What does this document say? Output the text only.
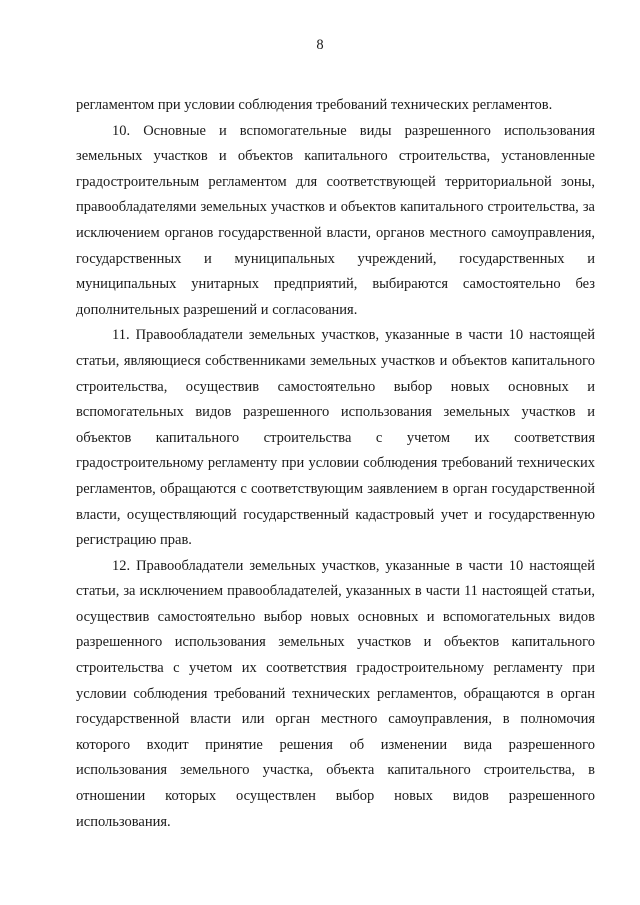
8

регламентом при условии соблюдения требований технических регламентов.

10. Основные и вспомогательные виды разрешенного использования земельных участков и объектов капитального строительства, установленные градостроительным регламентом для соответствующей территориальной зоны, правообладателями земельных участков и объектов капитального строительства, за исключением органов государственной власти, органов местного самоуправления, государственных и муниципальных учреждений, государственных и муниципальных унитарных предприятий, выбираются самостоятельно без дополнительных разрешений и согласования.

11. Правообладатели земельных участков, указанные в части 10 настоящей статьи, являющиеся собственниками земельных участков и объектов капитального строительства, осуществив самостоятельно выбор новых основных и вспомогательных видов разрешенного использования земельных участков и объектов капитального строительства с учетом их соответствия градостроительному регламенту при условии соблюдения требований технических регламентов, обращаются с соответствующим заявлением в орган государственной власти, осуществляющий государственный кадастровый учет и государственную регистрацию прав.

12. Правообладатели земельных участков, указанные в части 10 настоящей статьи, за исключением правообладателей, указанных в части 11 настоящей статьи, осуществив самостоятельно выбор новых основных и вспомогательных видов разрешенного использования земельных участков и объектов капитального строительства с учетом их соответствия градостроительному регламенту при условии соблюдения требований технических регламентов, обращаются в орган государственной власти или орган местного самоуправления, в полномочия которого входит принятие решения об изменении вида разрешенного использования земельного участка, объекта капитального строительства, в отношении которых осуществлен выбор новых видов разрешенного использования.
